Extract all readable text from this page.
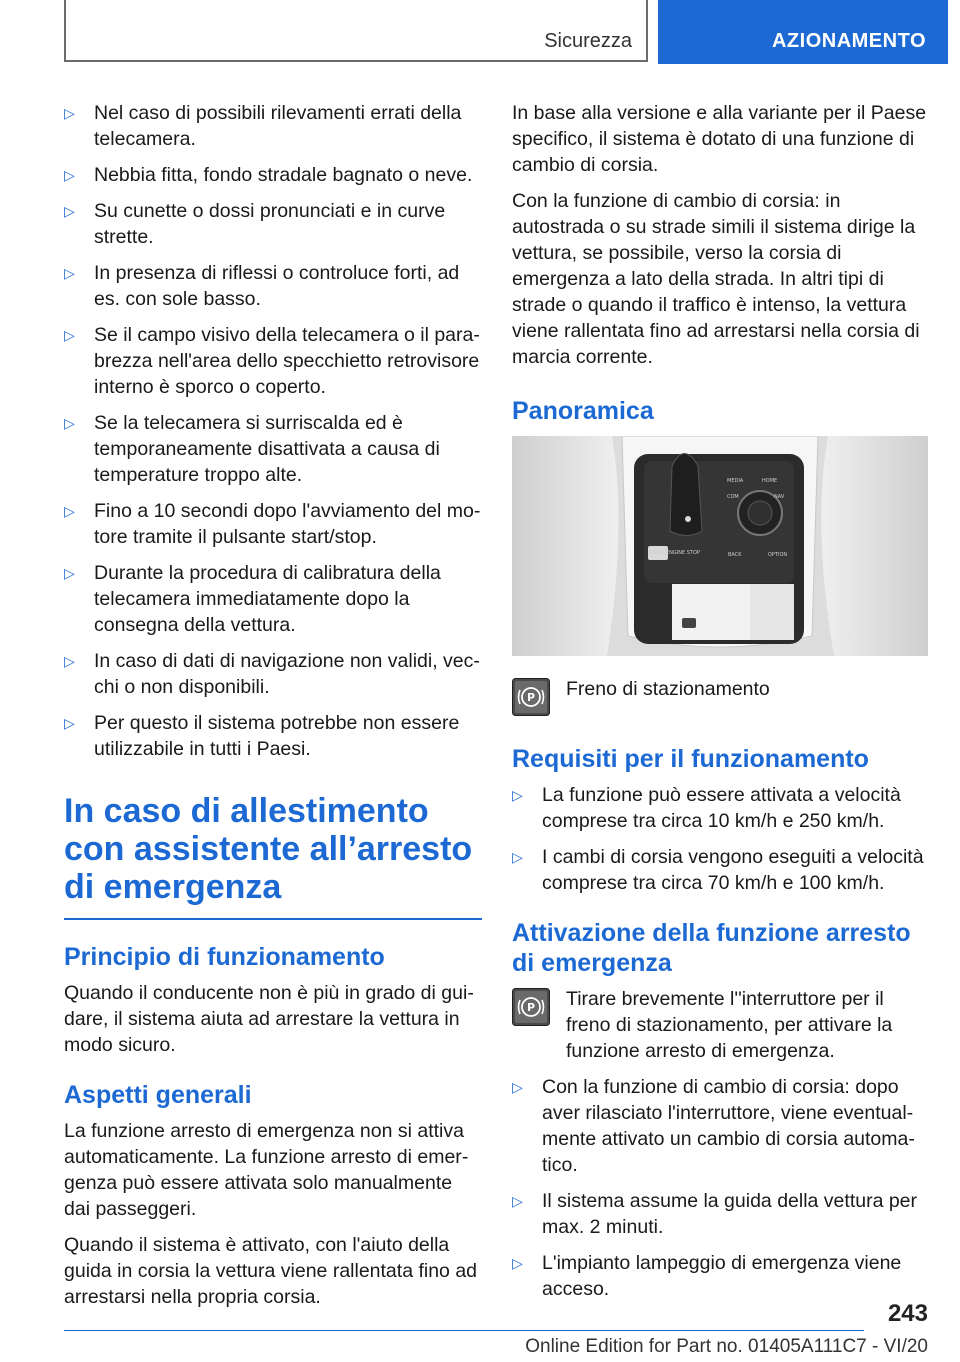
Sicurezza	AZIONAMENTO
▷ Nel caso di possibili rilevamenti errati della telecamera.
▷ Nebbia fitta, fondo stradale bagnato o neve.
▷ Su cunette o dossi pronunciati e in curve strette.
▷ In presenza di riflessi o controluce forti, ad es. con sole basso.
▷ Se il campo visivo della telecamera o il parabrezza nell'area dello specchietto retrovisore interno è sporco o coperto.
▷ Se la telecamera si surriscalda ed è temporaneamente disattivata a causa di temperature troppo alte.
▷ Fino a 10 secondi dopo l'avviamento del motore tramite il pulsante start/stop.
▷ Durante la procedura di calibratura della telecamera immediatamente dopo la consegna della vettura.
▷ In caso di dati di navigazione non validi, vecchi o non disponibili.
▷ Per questo il sistema potrebbe non essere utilizzabile in tutti i Paesi.
In caso di allestimento con assistente all’arresto di emergenza
Principio di funzionamento

Quando il conducente non è più in grado di guidare, il sistema aiuta ad arrestare la vettura in modo sicuro.

Aspetti generali

La funzione arresto di emergenza non si attiva automaticamente. La funzione arresto di emergenza può essere attivata solo manualmente dai passeggeri.

Quando il sistema è attivato, con l'aiuto della guida in corsia la vettura viene rallentata fino ad arrestarsi nella propria corsia.

In base alla versione e alla variante per il Paese specifico, il sistema è dotato di una funzione di cambio di corsia.

Con la funzione di cambio di corsia: in autostrada o su strade simili il sistema dirige la vettura, se possibile, verso la corsia di emergenza a lato della strada. In altri tipi di strade o quando il traffico è intenso, la vettura viene rallentata fino ad arrestarsi nella corsia di marcia corrente.

Panoramica
START ENGINE STOP
MEDIA	HOME
COM	NAV
BACK	OPTION
P Freno di stazionamento
Requisiti per il funzionamento
▷ La funzione può essere attivata a velocità comprese tra circa 10 km/h e 250 km/h.
▷ I cambi di corsia vengono eseguiti a velocità comprese tra circa 70 km/h e 100 km/h.
Attivazione della funzione arresto di emergenza
P Tirare brevemente l''interruttore per il freno di stazionamento, per attivare la funzione arresto di emergenza.
▷ Con la funzione di cambio di corsia: dopo aver rilasciato l'interruttore, viene eventualmente attivato un cambio di corsia automatico.
▷ Il sistema assume la guida della vettura per max. 2 minuti.
▷ L'impianto lampeggio di emergenza viene acceso.
243
Online Edition for Part no. 01405A111C7 - VI/20
